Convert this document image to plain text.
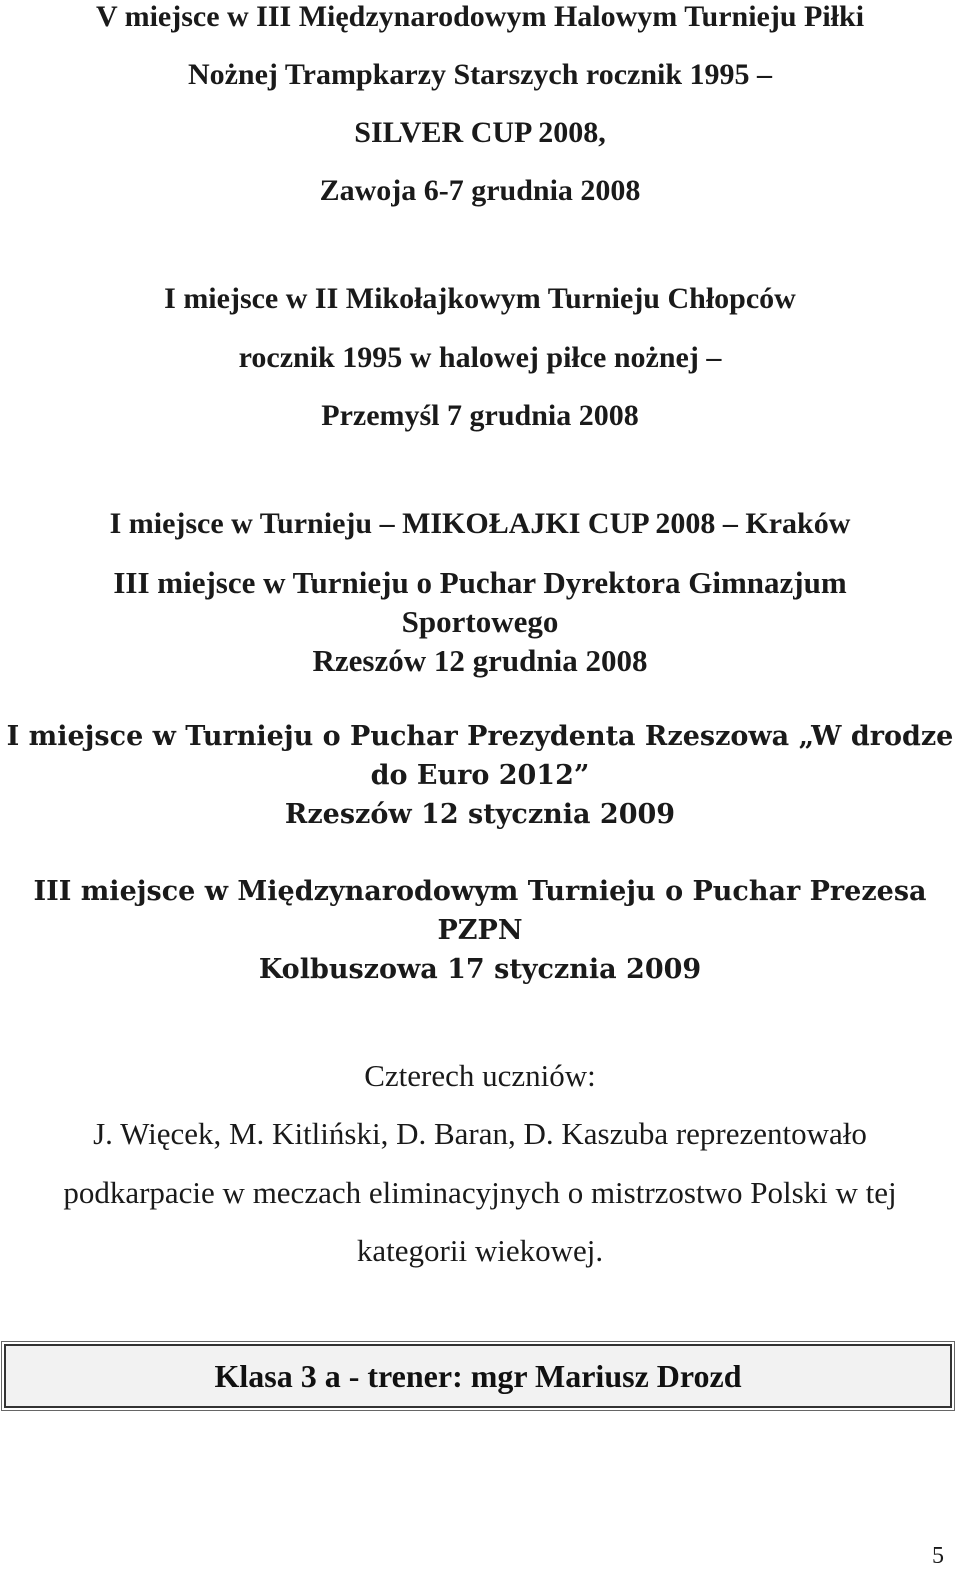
V miejsce w III Międzynarodowym Halowym Turnieju Piłki
Nożnej Trampkarzy Starszych rocznik 1995 –
SILVER CUP 2008,
Zawoja 6-7 grudnia 2008
I miejsce w II Mikołajkowym Turnieju Chłopców
rocznik 1995 w halowej piłce nożnej –
Przemyśl 7 grudnia 2008
I miejsce w Turnieju – MIKOŁAJKI CUP 2008 – Kraków
III miejsce w Turnieju o Puchar Dyrektora Gimnazjum
Sportowego
Rzeszów 12 grudnia 2008
I miejsce w Turnieju o Puchar Prezydenta Rzeszowa „W drodze
do Euro 2012”
Rzeszów 12 stycznia 2009
III miejsce w Międzynarodowym Turnieju o Puchar Prezesa
PZPN
Kolbuszowa 17 stycznia 2009
Czterech uczniów:
J. Więcek, M. Kitliński, D. Baran, D. Kaszuba reprezentowało
podkarpacie w meczach eliminacyjnych o mistrzostwo Polski w tej
kategorii wiekowej.
Klasa 3 a - trener: mgr Mariusz Drozd
5
